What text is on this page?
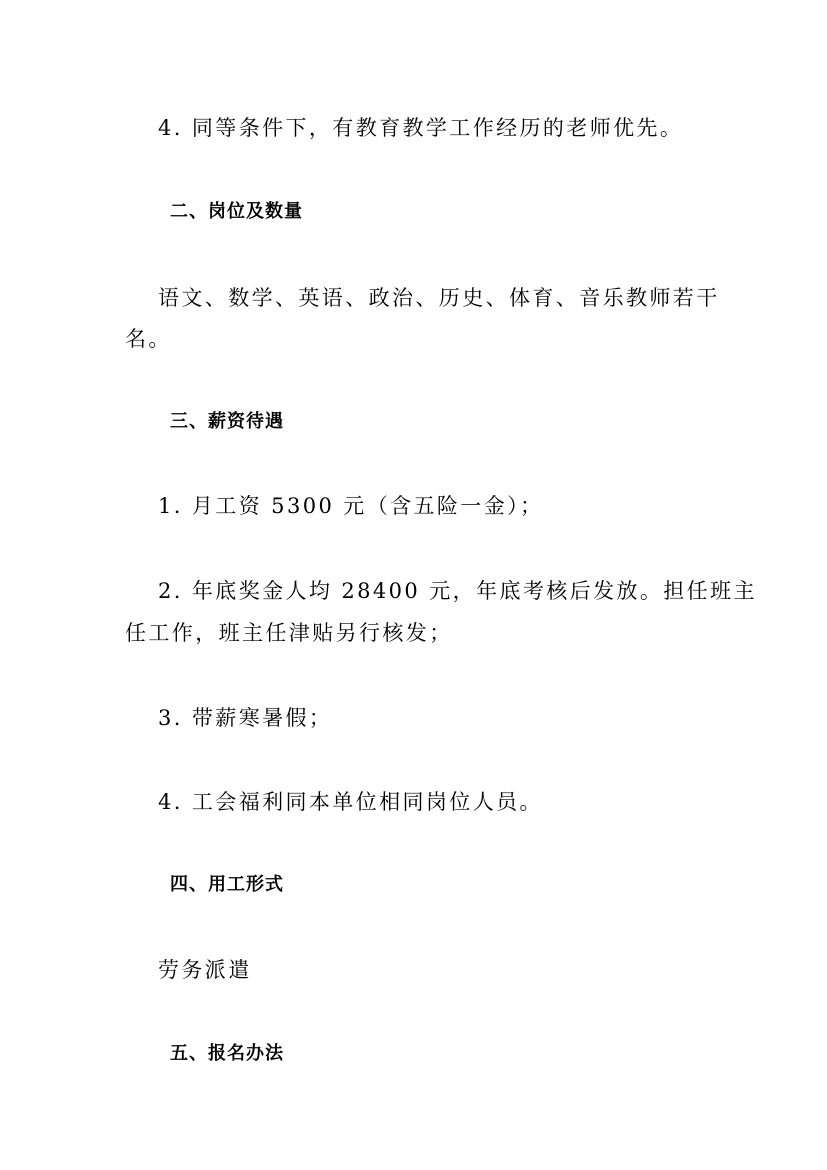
4. 同等条件下，有教育教学工作经历的老师优先。

二、岗位及数量

语文、数学、英语、政治、历史、体育、音乐教师若干

名。

三、薪资待遇

1. 月工资 5300 元（含五险一金）；

2. 年底奖金人均 28400 元，年底考核后发放。担任班主

任工作，班主任津贴另行核发；

3. 带薪寒暑假；

4. 工会福利同本单位相同岗位人员。

四、用工形式

劳务派遣

五、报名办法
